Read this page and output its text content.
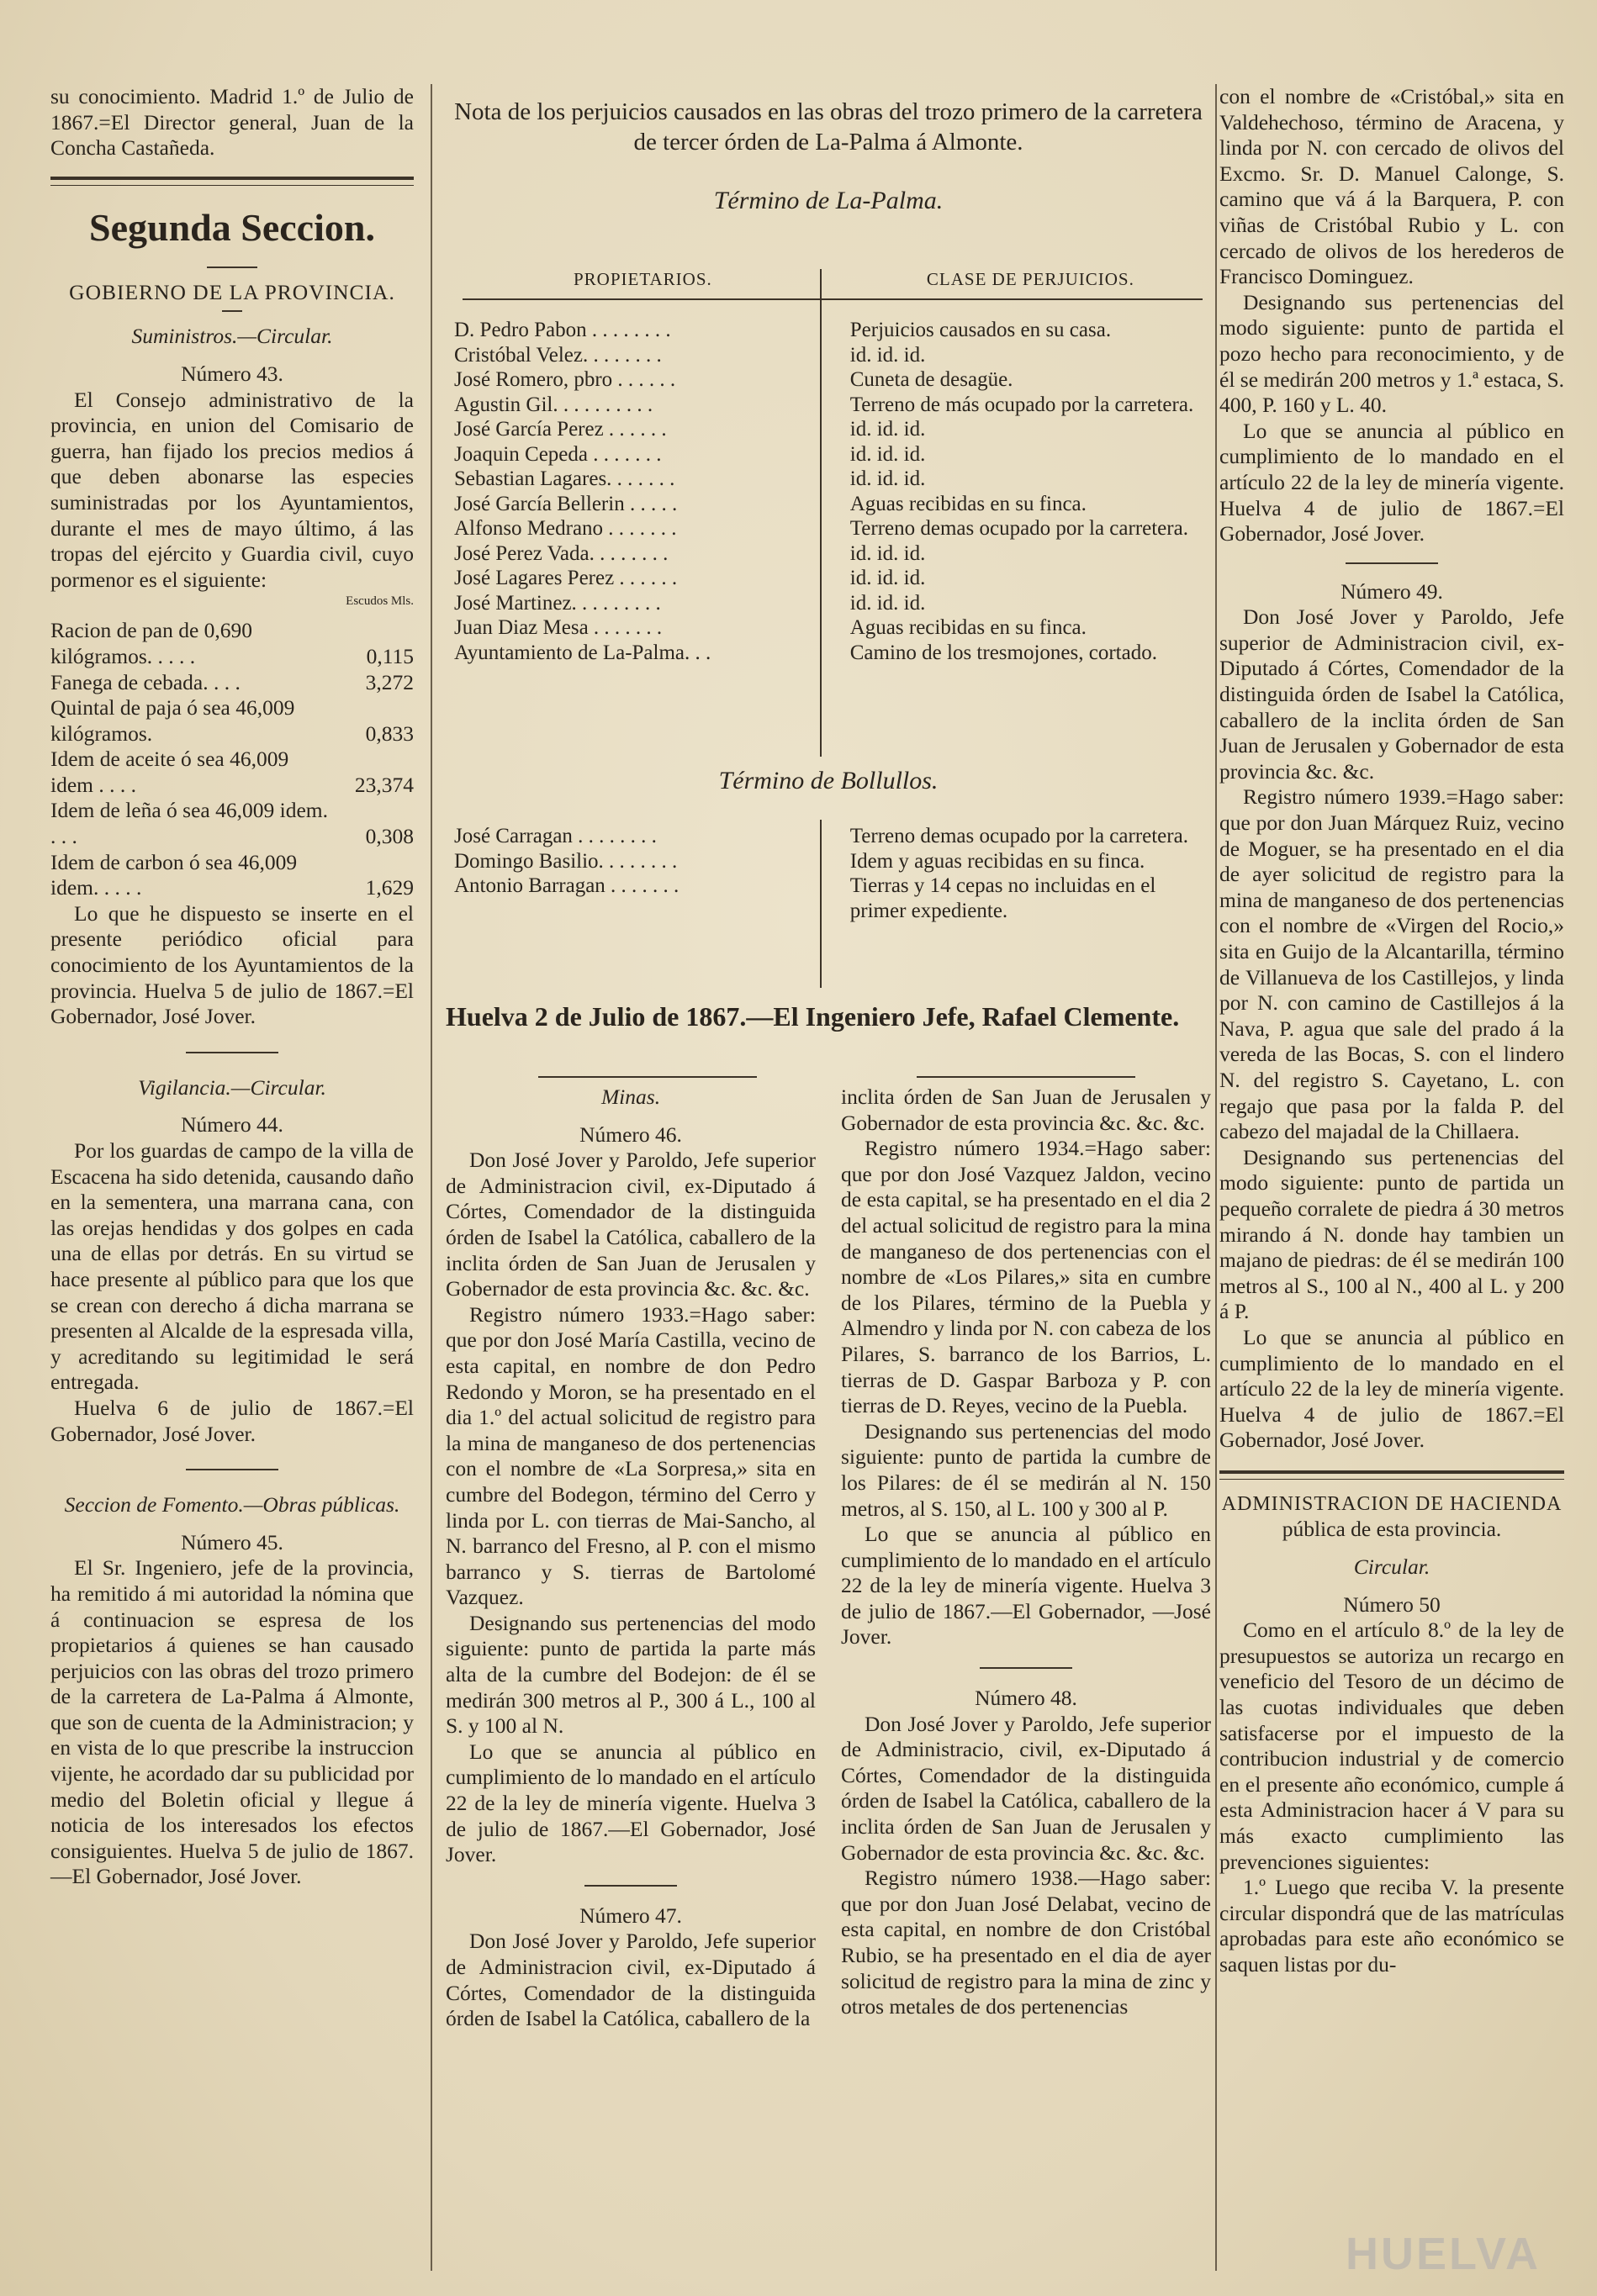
su conocimiento. Madrid 1.º de Julio de 1867.=El Director general, Juan de la Concha Castañeda.

Segunda Seccion.

GOBIERNO DE LA PROVINCIA.

Suministros.—Circular.

Número 43.

El Consejo administrativo de la provincia, en union del Comisario de guerra, han fijado los precios medios á que deben abonarse las especies suministradas por los Ayuntamientos, durante el mes de mayo último, á las tropas del ejército y Guardia civil, cuyo pormenor es el siguiente:

Escudos Mls.
Racion de pan de 0,690 kilógramos. . . . .	0,115
Fanega de cebada. . . .	3,272
Quintal de paja ó sea 46,009 kilógramos.	0,833
Idem de aceite ó sea 46,009 idem . . . .	23,374
Idem de leña ó sea 46,009 idem. . . .	0,308
Idem de carbon ó sea 46,009 idem. . . . .	1,629

Lo que he dispuesto se inserte en el presente periódico oficial para conocimiento de los Ayuntamientos de la provincia. Huelva 5 de julio de 1867.=El Gobernador, José Jover.

Vigilancia.—Circular.

Número 44.

Por los guardas de campo de la villa de Escacena ha sido detenida, causando daño en la sementera, una marrana cana, con las orejas hendidas y dos golpes en cada una de ellas por detrás. En su virtud se hace presente al público para que los que se crean con derecho á dicha marrana se presenten al Alcalde de la espresada villa, y acreditando su legitimidad le será entregada.

Huelva 6 de julio de 1867.=El Gobernador, José Jover.

Seccion de Fomento.—Obras públicas.

Número 45.

El Sr. Ingeniero, jefe de la provincia, ha remitido á mi autoridad la nómina que á continuacion se espresa de los propietarios á quienes se han causado perjuicios con las obras del trozo primero de la carretera de La-Palma á Almonte, que son de cuenta de la Administracion; y en vista de lo que prescribe la instruccion vijente, he acordado dar su publicidad por medio del Boletin oficial y llegue á noticia de los interesados los efectos consiguientes. Huelva 5 de julio de 1867.—El Gobernador, José Jover.

Nota de los perjuicios causados en las obras del trozo primero de la carretera de tercer órden de La-Palma á Almonte.
Término de La-Palma.
PROPIETARIOS.	CLASE DE PERJUICIOS.
D. Pedro Pabon . . . . . . . .	Perjuicios causados en su casa.
Cristóbal Velez. . . . . . . .	id. id. id.
José Romero, pbro . . . . . .	Cuneta de desagüe.
Agustin Gil. . . . . . . . . .	Terreno de más ocupado por la carretera.
José García Perez . . . . . .	id. id. id.
Joaquin Cepeda . . . . . . .	id. id. id.
Sebastian Lagares. . . . . . .	id. id. id.
José García Bellerin . . . . .	Aguas recibidas en su finca.
Alfonso Medrano . . . . . . .	Terreno demas ocupado por la carretera.
José Perez Vada. . . . . . . .	id. id. id.
José Lagares Perez . . . . . .	id. id. id.
José Martinez. . . . . . . . .	id. id. id.
Juan Diaz Mesa . . . . . . .	Aguas recibidas en su finca.
Ayuntamiento de La-Palma. . .	Camino de los tresmojones, cortado.
Término de Bollullos.
José Carragan . . . . . . . .	Terreno demas ocupado por la carretera.
Domingo Basilio. . . . . . . .	Idem y aguas recibidas en su finca.
Antonio Barragan . . . . . . .	Tierras y 14 cepas no incluidas en el primer expediente.
Huelva 2 de Julio de 1867.—El Ingeniero Jefe, Rafael Clemente.

Minas.

Número 46.

Don José Jover y Paroldo, Jefe superior de Administracion civil, ex-Diputado á Córtes, Comendador de la distinguida órden de Isabel la Católica, caballero de la inclita órden de San Juan de Jerusalen y Gobernador de esta provincia &c. &c. &c.

Registro número 1933.=Hago saber: que por don José María Castilla, vecino de esta capital, en nombre de don Pedro Redondo y Moron, se ha presentado en el dia 1.º del actual solicitud de registro para la mina de manganeso de dos pertenencias con el nombre de «La Sorpresa,» sita en cumbre del Bodegon, término del Cerro y linda por L. con tierras de Mai-Sancho, al N. barranco del Fresno, al P. con el mismo barranco y S. tierras de Bartolomé Vazquez.

Designando sus pertenencias del modo siguiente: punto de partida la parte más alta de la cumbre del Bodejon: de él se medirán 300 metros al P., 300 á L., 100 al S. y 100 al N.

Lo que se anuncia al público en cumplimiento de lo mandado en el artículo 22 de la ley de minería vigente. Huelva 3 de julio de 1867.—El Gobernador, José Jover.

Número 47.

Don José Jover y Paroldo, Jefe superior de Administracion civil, ex-Diputado á Córtes, Comendador de la distinguida órden de Isabel la Católica, caballero de la

inclita órden de San Juan de Jerusalen y Gobernador de esta provincia &c. &c. &c.

Registro número 1934.=Hago saber: que por don José Vazquez Jaldon, vecino de esta capital, se ha presentado en el dia 2 del actual solicitud de registro para la mina de manganeso de dos pertenencias con el nombre de «Los Pilares,» sita en cumbre de los Pilares, término de la Puebla y Almendro y linda por N. con cabeza de los Pilares, S. barranco de los Barrios, L. tierras de D. Gaspar Barboza y P. con tierras de D. Reyes, vecino de la Puebla.

Designando sus pertenencias del modo siguiente: punto de partida la cumbre de los Pilares: de él se medirán al N. 150 metros, al S. 150, al L. 100 y 300 al P.

Lo que se anuncia al público en cumplimiento de lo mandado en el artículo 22 de la ley de minería vigente. Huelva 3 de julio de 1867.—El Gobernador, —José Jover.

Número 48.

Don José Jover y Paroldo, Jefe superior de Administracio, civil, ex-Diputado á Córtes, Comendador de la distinguida órden de Isabel la Católica, caballero de la inclita órden de San Juan de Jerusalen y Gobernador de esta provincia &c. &c. &c.

Registro número 1938.—Hago saber: que por don Juan José Delabat, vecino de esta capital, en nombre de don Cristóbal Rubio, se ha presentado en el dia de ayer solicitud de registro para la mina de zinc y otros metales de dos pertenencias

con el nombre de «Cristóbal,» sita en Valdehechoso, término de Aracena, y linda por N. con cercado de olivos del Excmo. Sr. D. Manuel Calonge, S. camino que vá á la Barquera, P. con viñas de Cristóbal Rubio y L. con cercado de olivos de los herederos de Francisco Dominguez.

Designando sus pertenencias del modo siguiente: punto de partida el pozo hecho para reconocimiento, y de él se medirán 200 metros y 1.ª estaca, S. 400, P. 160 y L. 40.

Lo que se anuncia al público en cumplimiento de lo mandado en el artículo 22 de la ley de minería vigente. Huelva 4 de julio de 1867.=El Gobernador, José Jover.

Número 49.

Don José Jover y Paroldo, Jefe superior de Administracion civil, ex-Diputado á Córtes, Comendador de la distinguida órden de Isabel la Católica, caballero de la inclita órden de San Juan de Jerusalen y Gobernador de esta provincia &c. &c.

Registro número 1939.=Hago saber: que por don Juan Márquez Ruiz, vecino de Moguer, se ha presentado en el dia de ayer solicitud de registro para la mina de manganeso de dos pertenencias con el nombre de «Virgen del Rocio,» sita en Guijo de la Alcantarilla, término de Villanueva de los Castillejos, y linda por N. con camino de Castillejos á la Nava, P. agua que sale del prado á la vereda de las Bocas, S. con el lindero N. del registro S. Cayetano, L. con regajo que pasa por la falda P. del cabezo del majadal de la Chillaera.

Designando sus pertenencias del modo siguiente: punto de partida un pequeño corralete de piedra á 30 metros mirando á N. donde hay tambien un majano de piedras: de él se medirán 100 metros al S., 100 al N., 400 al L. y 200 á P.

Lo que se anuncia al público en cumplimiento de lo mandado en el artículo 22 de la ley de minería vigente. Huelva 4 de julio de 1867.=El Gobernador, José Jover.

ADMINISTRACION DE HACIENDA

pública de esta provincia.

Circular.

Número 50

Como en el artículo 8.º de la ley de presupuestos se autoriza un recargo en veneficio del Tesoro de un décimo de las cuotas individuales que deben satisfacerse por el impuesto de la contribucion industrial y de comercio en el presente año económico, cumple á esta Administracion hacer á V para su más exacto cumplimiento las prevenciones siguientes:

1.º Luego que reciba V. la presente circular dispondrá que de las matrículas aprobadas para este año económico se saquen listas por du-

HUELVA
